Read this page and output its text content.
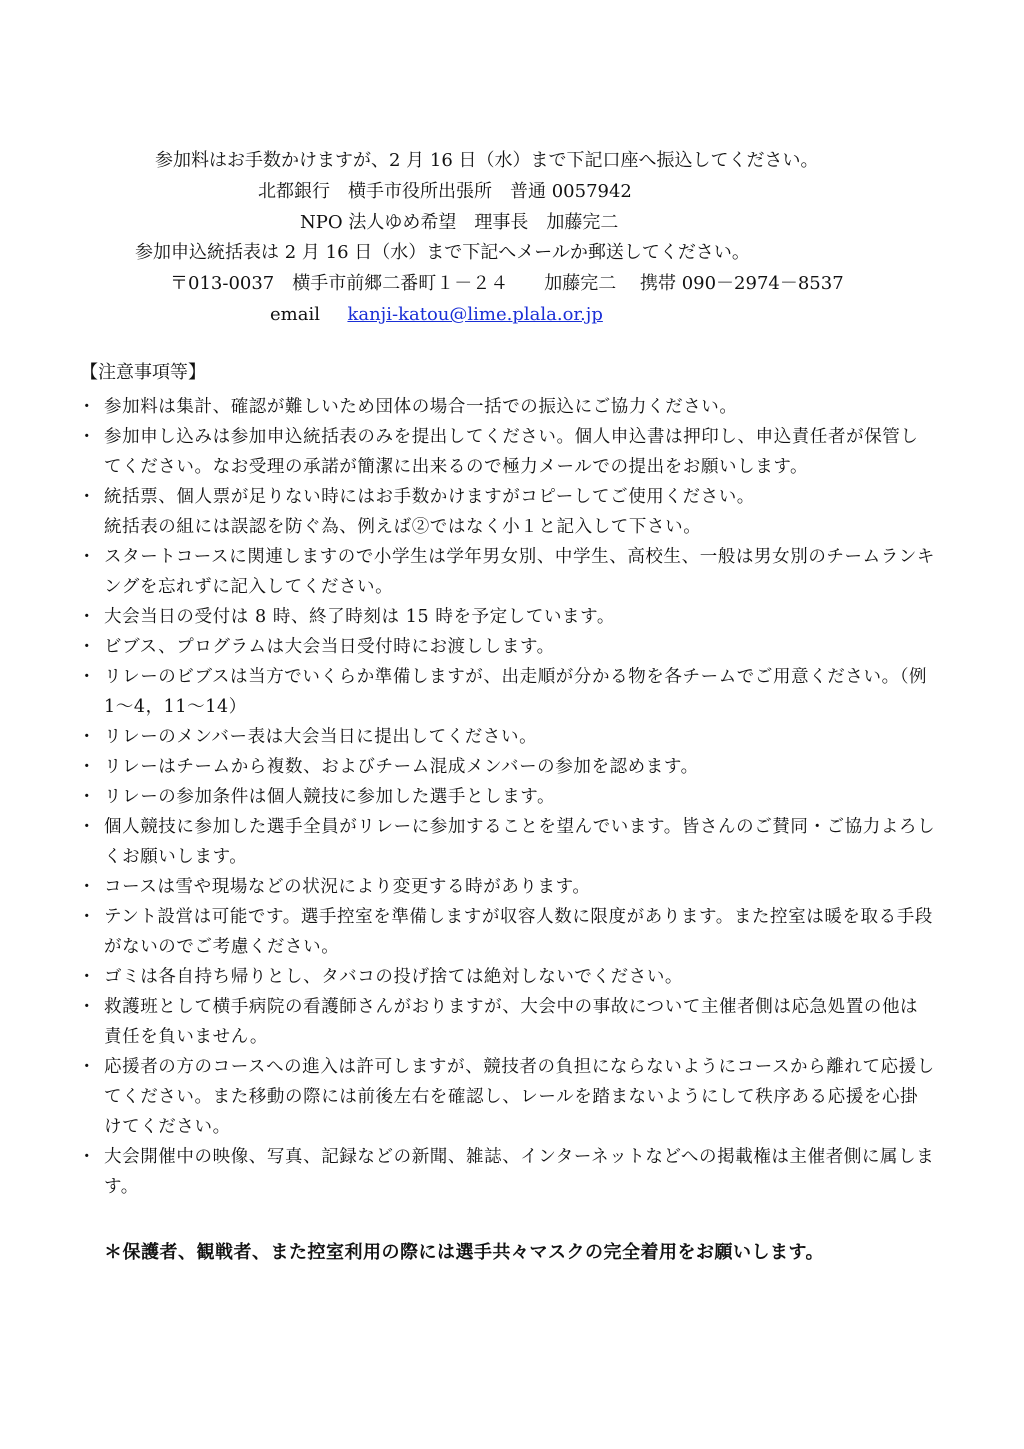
参加料はお手数かけますが、2 月 16 日（水）まで下記口座へ振込してください。
北都銀行　横手市役所出張所　普通 0057942
NPO 法人ゆめ希望　理事長　加藤完二
参加申込統括表は 2 月 16 日（水）まで下記へメールか郵送してください。
〒013-0037　横手市前郷二番町１－２４　　加藤完二　 携帯 090－2974－8537
email kanji-katou@lime.plala.or.jp
【注意事項等】
・ 参加料は集計、確認が難しいため団体の場合一括での振込にご協力ください。
・ 参加申し込みは参加申込統括表のみを提出してください。個人申込書は押印し、申込責任者が保管してください。なお受理の承諾が簡潔に出来るので極力メールでの提出をお願いします。
・ 統括票、個人票が足りない時にはお手数かけますがコピーしてご使用ください。
統括表の組には誤認を防ぐ為、例えば②ではなく小１と記入して下さい。
・ スタートコースに関連しますので小学生は学年男女別、中学生、高校生、一般は男女別のチームランキングを忘れずに記入してください。
・ 大会当日の受付は 8 時、終了時刻は 15 時を予定しています。
・ ビブス、プログラムは大会当日受付時にお渡しします。
・ リレーのビブスは当方でいくらか準備しますが、出走順が分かる物を各チームでご用意ください。（例 1～4，11～14）
・ リレーのメンバー表は大会当日に提出してください。
・ リレーはチームから複数、およびチーム混成メンバーの参加を認めます。
・ リレーの参加条件は個人競技に参加した選手とします。
・ 個人競技に参加した選手全員がリレーに参加することを望んでいます。皆さんのご賛同・ご協力よろしくお願いします。
・ コースは雪や現場などの状況により変更する時があります。
・ テント設営は可能です。選手控室を準備しますが収容人数に限度があります。また控室は暖を取る手段がないのでご考慮ください。
・ ゴミは各自持ち帰りとし、タバコの投げ捨ては絶対しないでください。
・ 救護班として横手病院の看護師さんがおりますが、大会中の事故について主催者側は応急処置の他は責任を負いません。
・ 応援者の方のコースへの進入は許可しますが、競技者の負担にならないようにコースから離れて応援してください。また移動の際には前後左右を確認し、レールを踏まないようにして秩序ある応援を心掛けてください。
・ 大会開催中の映像、写真、記録などの新聞、雑誌、インターネットなどへの掲載権は主催者側に属します。
＊保護者、観戦者、また控室利用の際には選手共々マスクの完全着用をお願いします。
